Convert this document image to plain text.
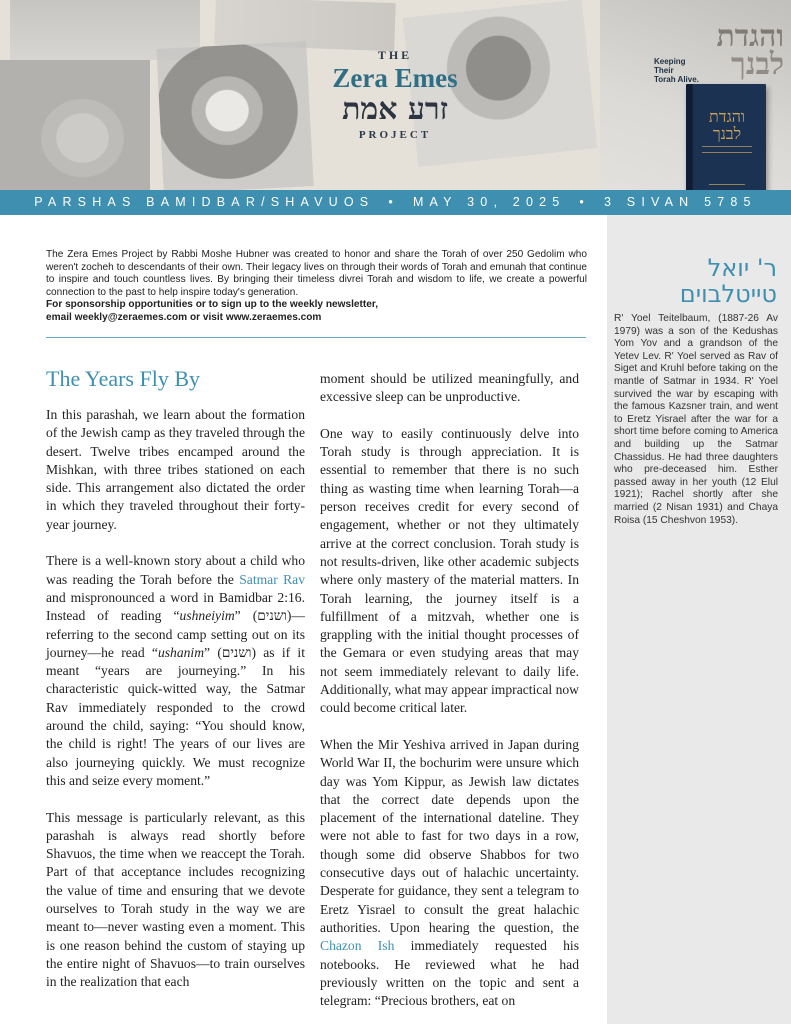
THE
Zera Emes
זרע אמת
PROJECT
והגדת
לבנך
Keeping
Their
Torah Alive.
והגדת
לבנך
PARSHAS BAMIDBAR/SHAVUOS • MAY 30, 2025 • 3 SIVAN 5785
ר' יואל
טייטלבוים
R' Yoel Teitelbaum, (1887-26 Av 1979) was a son of the Kedushas Yom Yov and a grandson of the Yetev Lev. R' Yoel served as Rav of Siget and Kruhl before taking on the mantle of Satmar in 1934. R' Yoel survived the war by escaping with the famous Kazsner train, and went to Eretz Yisrael after the war for a short time before coming to America and building up the Satmar Chassidus. He had three daughters who pre-deceased him. Esther passed away in her youth (12 Elul 1921); Rachel shortly after she married (2 Nisan 1931) and Chaya Roisa (15 Cheshvon 1953).
The Zera Emes Project by Rabbi Moshe Hubner was created to honor and share the Torah of over 250 Gedolim who weren't zocheh to descendants of their own. Their legacy lives on through their words of Torah and emunah that continue to inspire and touch countless lives. By bringing their timeless divrei Torah and wisdom to life, we create a powerful connection to the past to help inspire today's generation.
For sponsorship opportunities or to sign up to the weekly newsletter,
email weekly@zeraemes.com or visit www.zeraemes.com
The Years Fly By

In this parashah, we learn about the formation of the Jewish camp as they traveled through the desert. Twelve tribes encamped around the Mishkan, with three tribes stationed on each side. This arrangement also dictated the order in which they traveled throughout their forty-year journey.

There is a well-known story about a child who was reading the Torah before the Satmar Rav and mispronounced a word in Bamidbar 2:16. Instead of reading “ushneiyim” (ושנים)—referring to the second camp setting out on its journey—he read “ushanim” (ושנים) as if it meant “years are journeying.” In his characteristic quick-witted way, the Satmar Rav immediately responded to the crowd around the child, saying: “You should know, the child is right! The years of our lives are also journeying quickly. We must recognize this and seize every moment.”

This message is particularly relevant, as this parashah is always read shortly before Shavuos, the time when we reaccept the Torah. Part of that acceptance includes recognizing the value of time and ensuring that we devote ourselves to Torah study in the way we are meant to—never wasting even a moment. This is one reason behind the custom of staying up the entire night of Shavuos—to train ourselves in the realization that each

moment should be utilized meaningfully, and excessive sleep can be unproductive.

One way to easily continuously delve into Torah study is through appreciation. It is essential to remember that there is no such thing as wasting time when learning Torah—a person receives credit for every second of engagement, whether or not they ultimately arrive at the correct conclusion. Torah study is not results-driven, like other academic subjects where only mastery of the material matters. In Torah learning, the journey itself is a fulfillment of a mitzvah, whether one is grappling with the initial thought processes of the Gemara or even studying areas that may not seem immediately relevant to daily life. Additionally, what may appear impractical now could become critical later.

When the Mir Yeshiva arrived in Japan during World War II, the bochurim were unsure which day was Yom Kippur, as Jewish law dictates that the correct date depends upon the placement of the international dateline. They were not able to fast for two days in a row, though some did observe Shabbos for two consecutive days out of halachic uncertainty. Desperate for guidance, they sent a telegram to Eretz Yisrael to consult the great halachic authorities. Upon hearing the question, the Chazon Ish immediately requested his notebooks. He reviewed what he had previously written on the topic and sent a telegram: “Precious brothers, eat on
